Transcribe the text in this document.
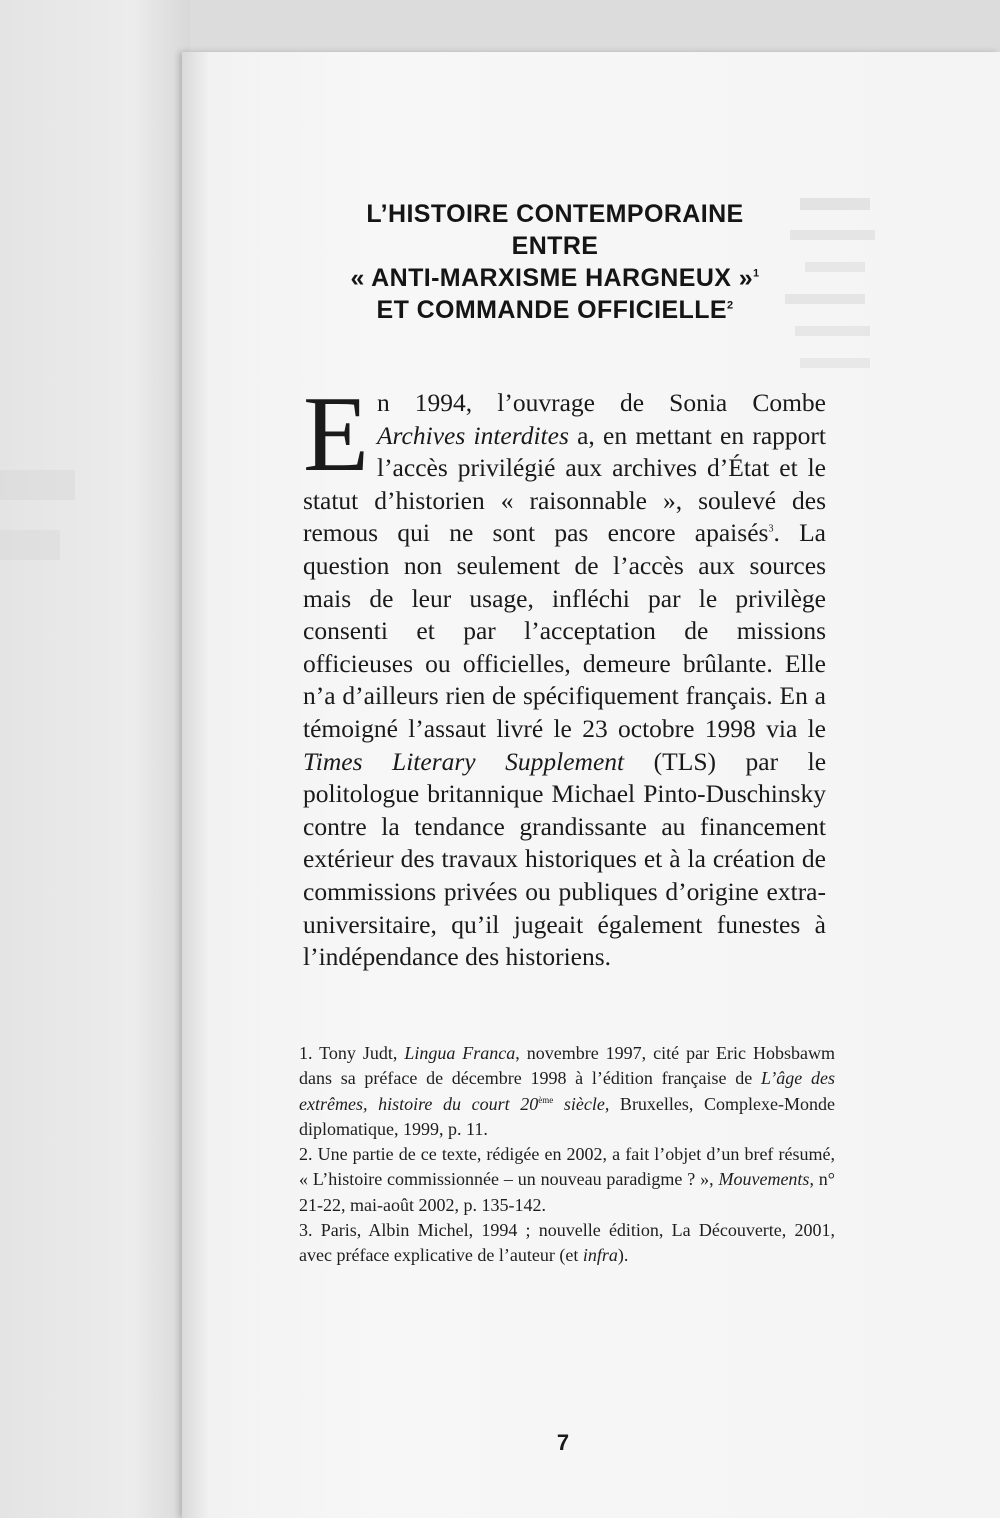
L’HISTOIRE CONTEMPORAINE
ENTRE
« ANTI-MARXISME HARGNEUX »$^1$
ET COMMANDE OFFICIELLE$^2$

En 1994, l’ouvrage de Sonia Combe Archives interdites a, en mettant en rapport l’accès privilégié aux archives d’État et le statut d’historien « raisonnable », soulevé des remous qui ne sont pas encore apaisés$^3$. La question non seulement de l’accès aux sources mais de leur usage, infléchi par le privilège consenti et par l’acceptation de missions officieuses ou officielles, demeure brûlante. Elle n’a d’ailleurs rien de spécifiquement français. En a témoigné l’assaut livré le 23 octobre 1998 via le Times Literary Supplement (TLS) par le politologue britannique Michael Pinto-Duschinsky contre la tendance grandissante au financement extérieur des travaux historiques et à la création de commissions privées ou publiques d’origine extra-universitaire, qu’il jugeait également funestes à l’indépendance des historiens.

1. Tony Judt, Lingua Franca, novembre 1997, cité par Eric Hobsbawm dans sa préface de décembre 1998 à l’édition française de L’âge des extrêmes, histoire du court 20ème siècle, Bruxelles, Complexe-Monde diplomatique, 1999, p. 11.

2. Une partie de ce texte, rédigée en 2002, a fait l’objet d’un bref résumé, « L’histoire commissionnée – un nouveau paradigme ? », Mouvements, n° 21-22, mai-août 2002, p. 135-142.

3. Paris, Albin Michel, 1994 ; nouvelle édition, La Découverte, 2001, avec préface explicative de l’auteur (et infra).

7
